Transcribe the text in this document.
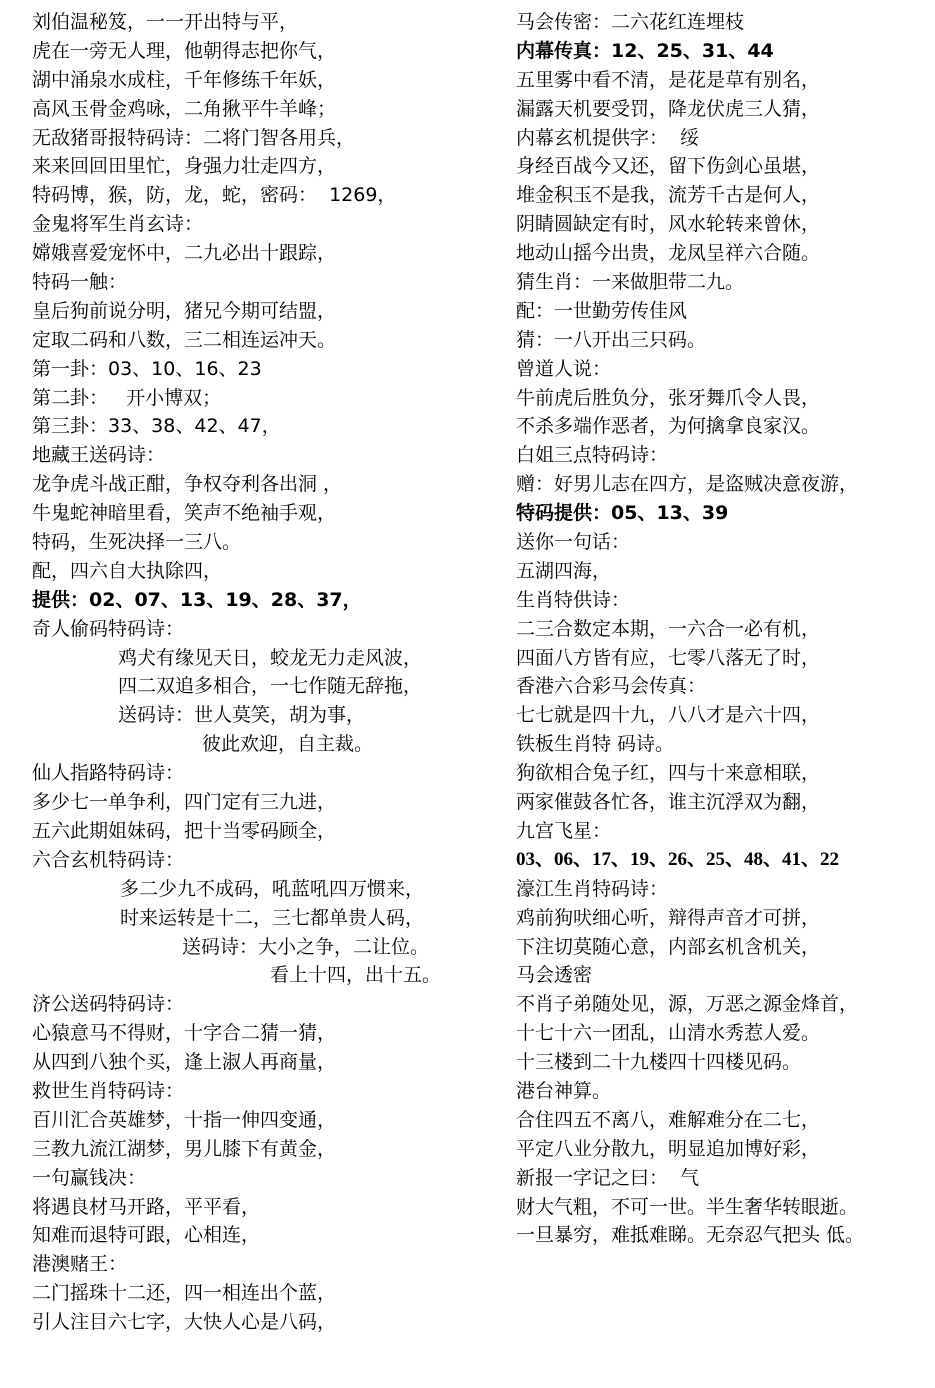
刘伯温秘笈，一一开出特与平，
虎在一旁无人理，他朝得志把你气，
湖中涌泉水成柱，千年修练千年妖，
高风玉骨金鸡咏，二角揪平牛羊峰；
无敌猪哥报特码诗：二将门智各用兵，
来来回回田里忙，身强力壮走四方，
特码博，猴，防，龙，蛇，密码：  1269，
金鬼将军生肖玄诗：
嫦娥喜爱宠怀中，二九必出十跟踪，
特码一触：
皇后狗前说分明，猪兄今期可结盟，
定取二码和八数，三二相连运冲天。
第一卦：03、10、16、23
第二卦：   开小博双；
第三卦：33、38、42、47，
地藏王送码诗：
龙争虎斗战正酣，争权夺利各出洞 ，
牛鬼蛇神暗里看，笑声不绝袖手观，
特码，生死决择一三八。
配，四六自大执除四，
提供：02、07、13、19、28、37，
奇人偷码特码诗：
鸡犬有缘见天日，蛟龙无力走风波，
四二双追多相合，一七作随无辞拖，
送码诗：世人莫笑，胡为事，
彼此欢迎，自主裁。
仙人指路特码诗：
多少七一单争利，四门定有三九进，
五六此期姐妹码，把十当零码顾全，
六合玄机特码诗：
多二少九不成码，吼蓝吼四万惯来，
时来运转是十二，三七都单贵人码，
送码诗：大小之争，二让位。
看上十四，出十五。
济公送码特码诗：
心猿意马不得财，十字合二猜一猜，
从四到八独个买，逢上淑人再商量，
救世生肖特码诗：
百川汇合英雄梦，十指一伸四变通，
三教九流江湖梦，男儿膝下有黄金，
一句赢钱决：
将遇良材马开路，平平看，
知难而退特可跟，心相连，
港澳赌王：
二门摇珠十二还，四一相连出个蓝，
引人注目六七字，大快人心是八码，
马会传密：二六花红连埋枝
内幕传真：12、25、31、44
五里雾中看不清，是花是草有别名，
漏露天机要受罚，降龙伏虎三人猜，
内幕玄机提供字：  绥
身经百战今又还，留下伤剑心虽堪，
堆金积玉不是我，流芳千古是何人，
阴睛圆缺定有时，风水轮转来曾休，
地动山摇今出贵，龙凤呈祥六合随。
猜生肖：一来做胆带二九。
配：一世勤劳传佳风
猜：一八开出三只码。
曾道人说：
牛前虎后胜负分，张牙舞爪令人畏，
不杀多端作恶者，为何擒拿良家汉。
白姐三点特码诗：
赠：好男儿志在四方，是盗贼决意夜游，
特码提供：05、13、39
送你一句话：
五湖四海，
生肖特供诗：
二三合数定本期，一六合一必有机，
四面八方皆有应，七零八落无了时，
香港六合彩马会传真：
七七就是四十九，八八才是六十四，
铁板生肖特 码诗。
狗欲相合兔子红，四与十来意相联，
两家催鼓各忙各，谁主沉浮双为翻，
九宫飞星：
03、06、17、19、26、25、48、41、22
濠江生肖特码诗：
鸡前狗吠细心听，辩得声音才可拼，
下注切莫随心意，内部玄机含机关，
马会透密
不肖子弟随处见，源，万恶之源金烽首，
十七十六一团乱，山清水秀惹人爱。
十三楼到二十九楼四十四楼见码。
港台神算。
合住四五不离八，难解难分在二七，
平定八业分散九，明显追加博好彩，
新报一字记之曰：  气
财大气粗，不可一世。半生奢华转眼逝。
一旦暴穷，难抵难睇。无奈忍气把头 低。
